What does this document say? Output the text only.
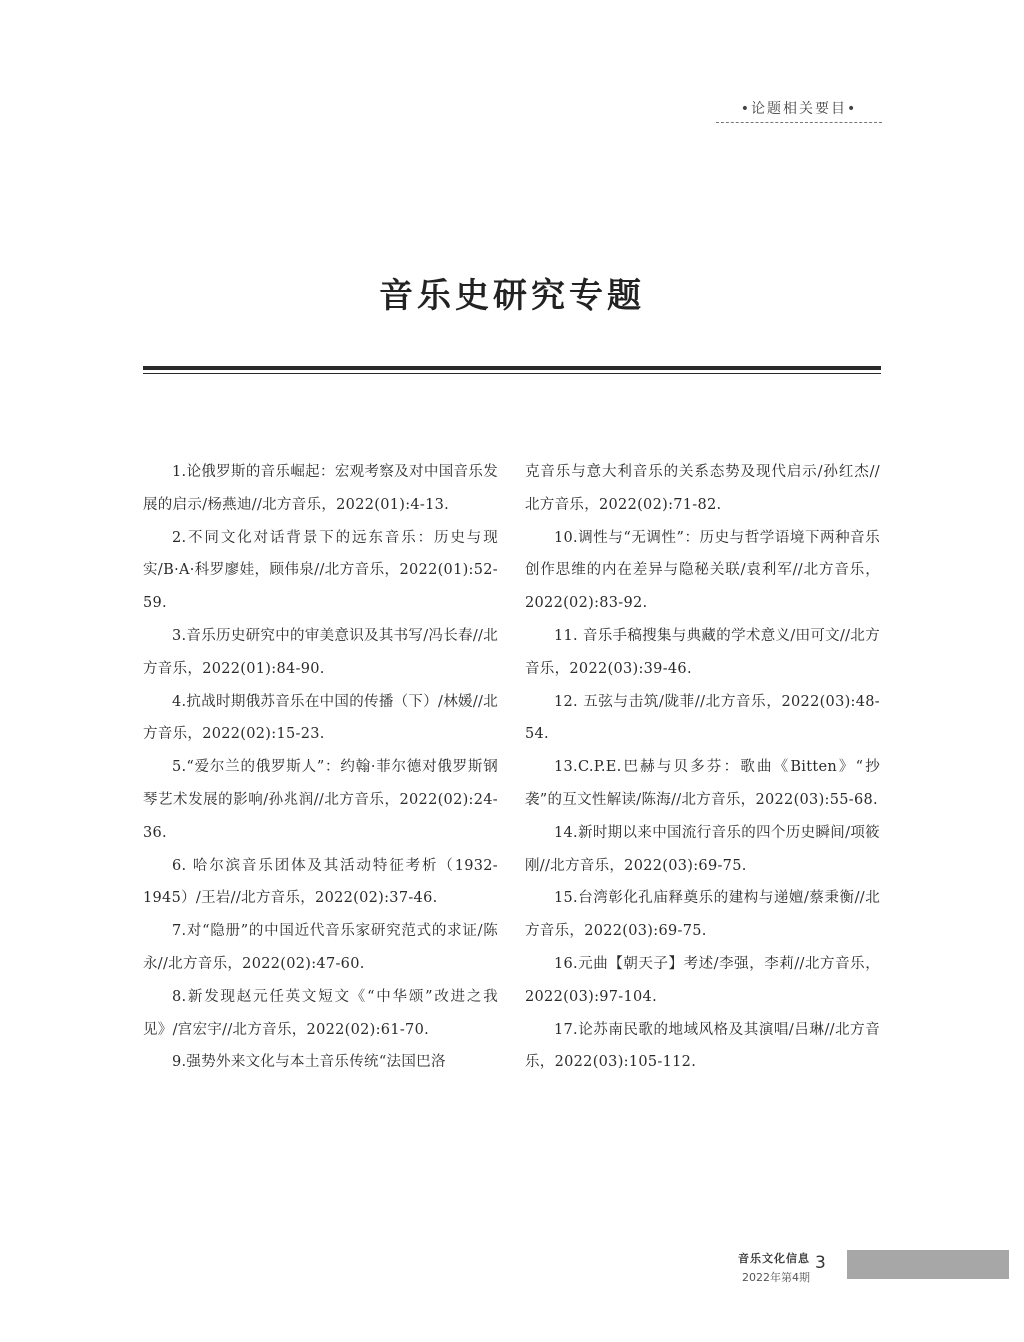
•论题相关要目•
音乐史研究专题

1.论俄罗斯的音乐崛起：宏观考察及对中国音乐发展的启示/杨燕迪//北方音乐，2022(01):4-13.

2.不同文化对话背景下的远东音乐：历史与现实/B·A·科罗廖娃，顾伟泉//北方音乐，2022(01):52-59.

3.音乐历史研究中的审美意识及其书写/冯长春//北方音乐，2022(01):84-90.

4.抗战时期俄苏音乐在中国的传播（下）/林媛//北方音乐，2022(02):15-23.

5.“爱尔兰的俄罗斯人”：约翰·菲尔德对俄罗斯钢琴艺术发展的影响/孙兆润//北方音乐，2022(02):24-36.

6. 哈尔滨音乐团体及其活动特征考析（1932-1945）/王岩//北方音乐，2022(02):37-46.

7.对“隐册”的中国近代音乐家研究范式的求证/陈永//北方音乐，2022(02):47-60.

8.新发现赵元任英文短文《“中华颂”改进之我见》/宫宏宇//北方音乐，2022(02):61-70.

9.强势外来文化与本土音乐传统“法国巴洛

克音乐与意大利音乐的关系态势及现代启示/孙红杰//北方音乐，2022(02):71-82.

10.调性与“无调性”：历史与哲学语境下两种音乐创作思维的内在差异与隐秘关联/袁利军//北方音乐，2022(02):83-92.

11. 音乐手稿搜集与典藏的学术意义/田可文//北方音乐，2022(03):39-46.

12. 五弦与击筑/陇菲//北方音乐，2022(03):48-54.

13.C.P.E.巴赫与贝多芬：歌曲《Bitten》“抄袭”的互文性解读/陈海//北方音乐，2022(03):55-68.

14.新时期以来中国流行音乐的四个历史瞬间/项筱刚//北方音乐，2022(03):69-75.

15.台湾彰化孔庙释奠乐的建构与递嬗/蔡秉衡//北方音乐，2022(03):69-75.

16.元曲【朝天子】考述/李强，李莉//北方音乐，2022(03):97-104.

17.论苏南民歌的地域风格及其演唱/吕琳//北方音乐，2022(03):105-112.

音乐文化信息
2022年第4期
3
